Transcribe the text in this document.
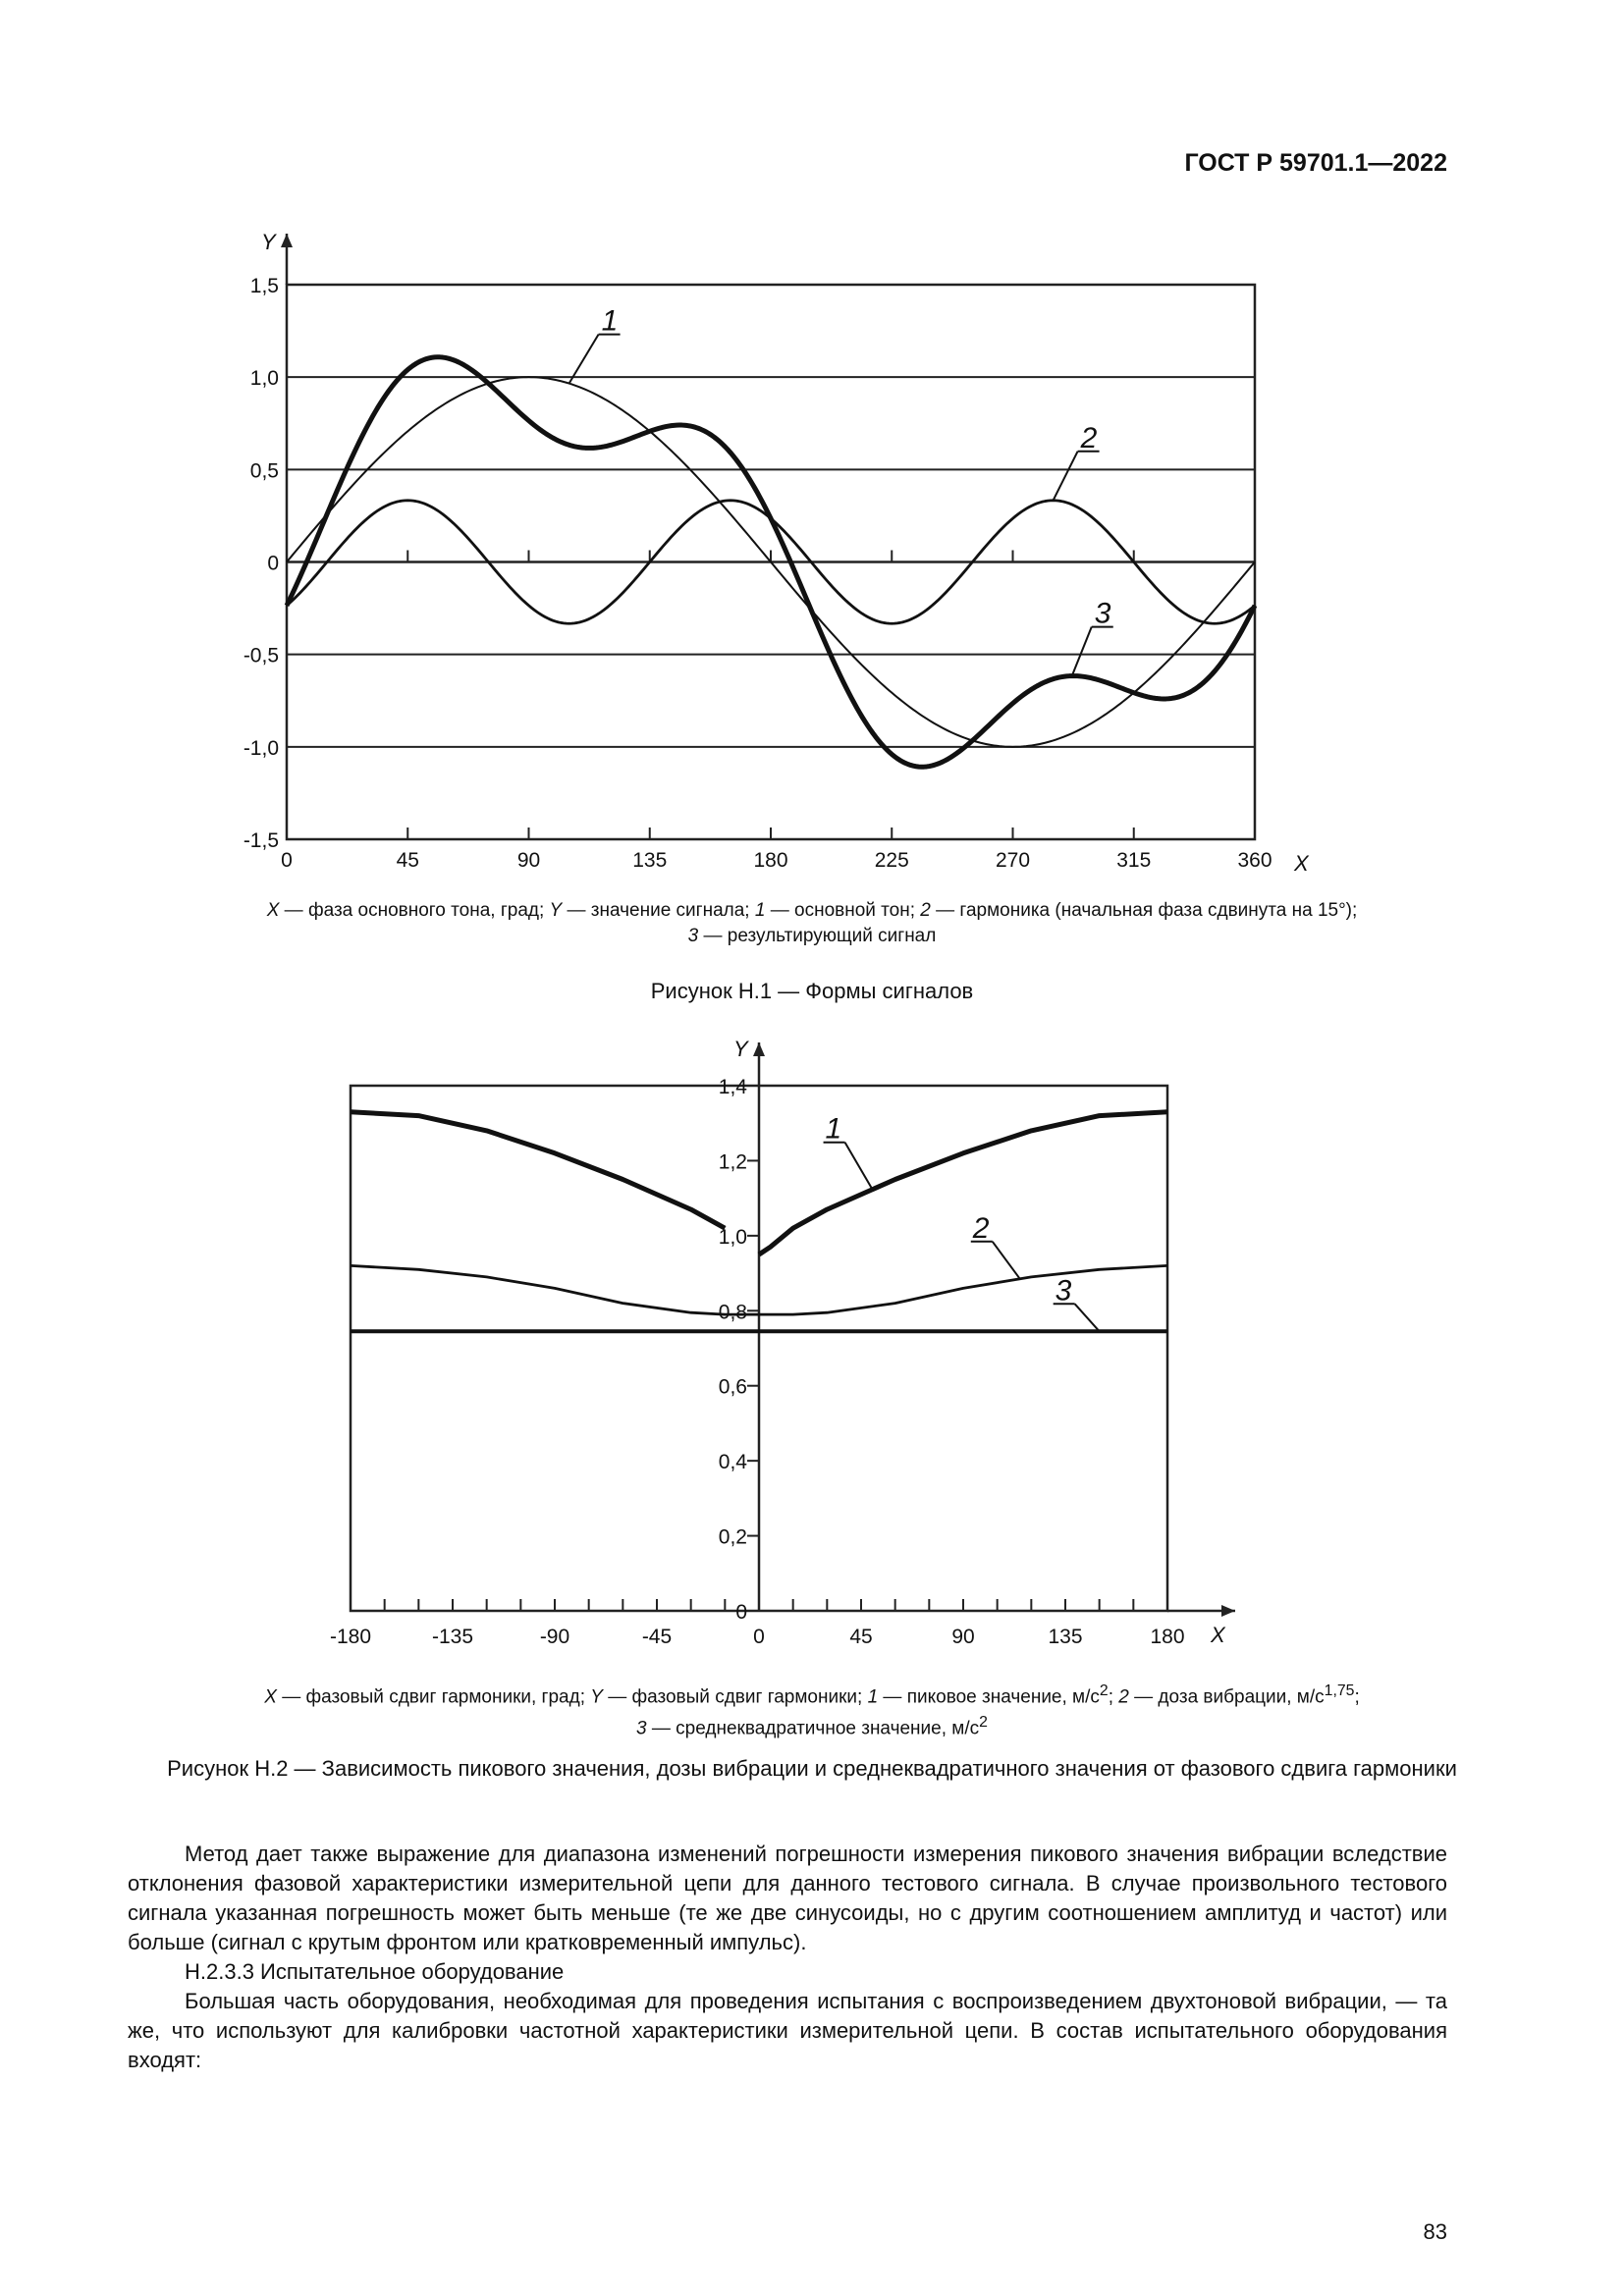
ГОСТ Р 59701.1—2022
-1,5
-1,0
-0,5
0
0,5
1,0
1,5
Y
0	45	90	135	180	225	270	315	360 X
1
2
3
X — фаза основного тона, град; Y — значение сигнала; 1 — основной тон; 2 — гармоника (начальная фаза сдвинута на 15°);
3 — результирующий сигнал
Рисунок Н.1 — Формы сигналов
Y
X
0
0,2
0,4
0,6
0,8
1,0
1,2
1,4
-180	-135	-90	-45	0	45	90	135	180
1
2
3
X — фазовый сдвиг гармоники, град; Y — фазовый сдвиг гармоники; 1 — пиковое значение, $м/с^2$; 2 — доза вибрации, $м/с^{1,75}$;
3 — среднеквадратичное значение, $м/с^2$
Рисунок Н.2 — Зависимость пикового значения, дозы вибрации и среднеквадратичного значения от фазового сдвига гармоники

Метод дает также выражение для диапазона изменений погрешности измерения пикового значения вибрации вследствие отклонения фазовой характеристики измерительной цепи для данного тестового сигнала. В случае произвольного тестового сигнала указанная погрешность может быть меньше (те же две синусоиды, но с другим соотношением амплитуд и частот) или больше (сигнал с крутым фронтом или кратковременный импульс).

Н.2.3.3 Испытательное оборудование

Большая часть оборудования, необходимая для проведения испытания с воспроизведением двухтоновой вибрации, — та же, что используют для калибровки частотной характеристики измерительной цепи. В состав испытательного оборудования входят:

83
